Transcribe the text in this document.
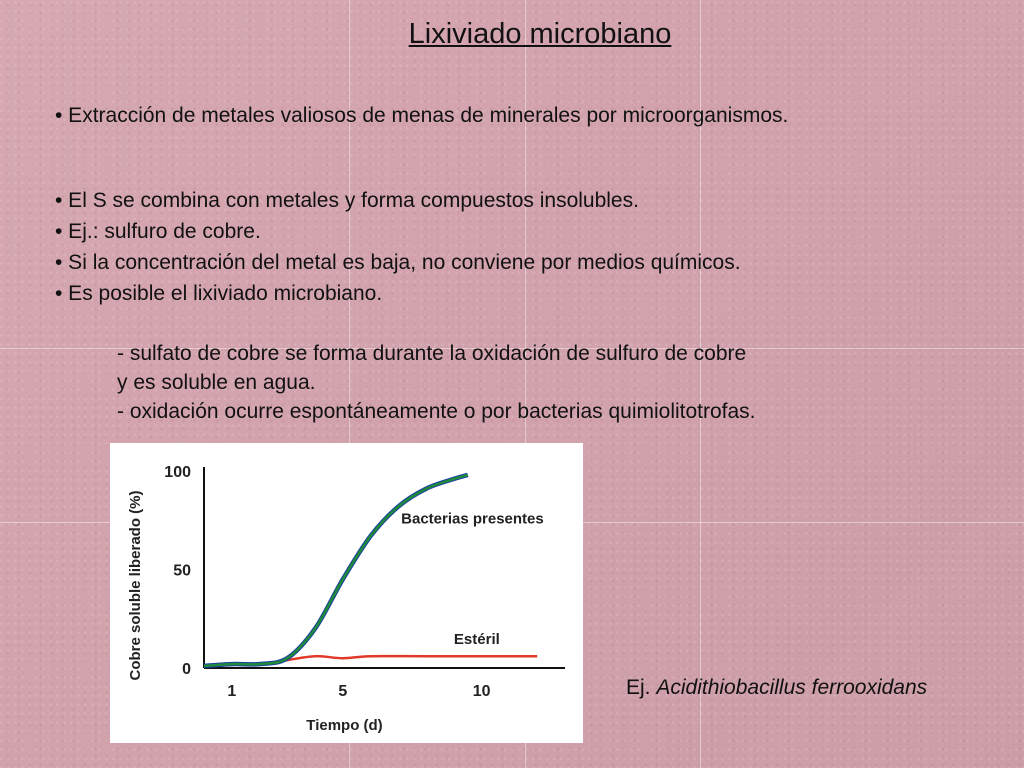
Lixiviado microbiano
• Extracción de metales valiosos de menas de minerales por microorganismos.
• El S se combina con metales y forma compuestos insolubles.
• Ej.: sulfuro de cobre.
• Si la concentración del metal es baja, no conviene por medios químicos.
• Es posible el lixiviado microbiano.
- sulfato de cobre se forma durante la oxidación de sulfuro de cobre
y es soluble en agua.
- oxidación ocurre espontáneamente o por bacterias quimiolitotrofas.
0
50
100
1	5	10
Tiempo (d)
Cobre soluble liberado (%)	Bacterias presentes
Estéril
Ej. Acidithiobacillus ferrooxidans
